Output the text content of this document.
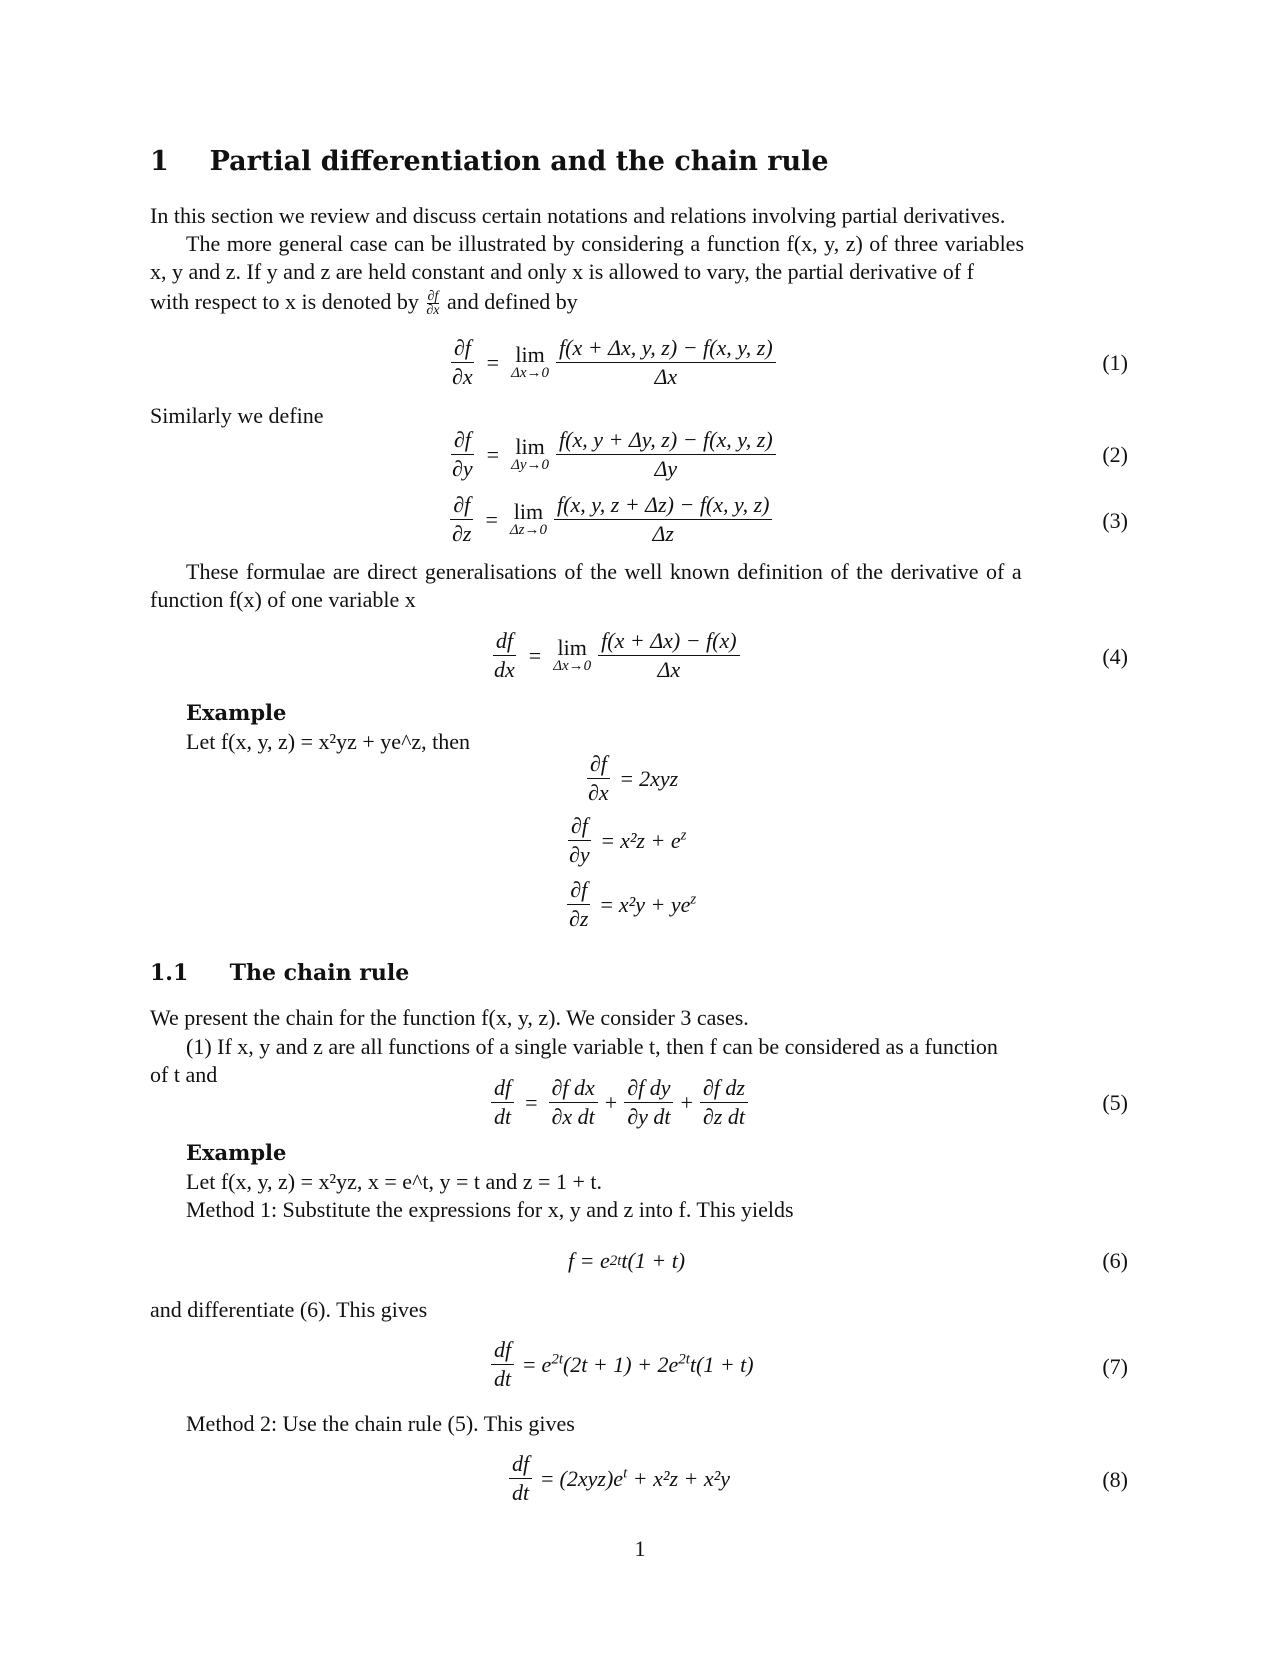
1 Partial differentiation and the chain rule
In this section we review and discuss certain notations and relations involving partial derivatives.
The more general case can be illustrated by considering a function f(x, y, z) of three variables
x, y and z. If y and z are held constant and only x is allowed to vary, the partial derivative of f
with respect to x is denoted by $\frac{\partial f}{\partial x}$ and defined by
$\frac{\partial f}{\partial x} = \lim$
$\Delta x\to 0 \frac{f(x + \Delta x, y, z) - f(x, y, z)}{\Delta x}$	(1)
Similarly we define
$\frac{\partial f}{\partial y} = \lim$
$\Delta y\to 0 \frac{f(x, y + \Delta y, z) - f(x, y, z)}{\Delta y}$	(2)
$\frac{\partial f}{\partial z} = \lim$
$\Delta z\to 0 \frac{f(x, y, z + \Delta z) - f(x, y, z)}{\Delta z}$	(3)
These formulae are direct generalisations of the well known definition of the derivative of a
function f(x) of one variable x
$\frac{df}{dx} = \lim$
$\Delta x\to 0 \frac{f(x + \Delta x) - f(x)}{\Delta x}$	(4)
Example
Let f(x, y, z) = x²yz + ye^z, then
$\frac{\partial f}{\partial x} = 2xyz$
$\frac{\partial f}{\partial y} = x^2z + e^z$
$\frac{\partial f}{\partial z} = x^2y + ye^z$
1.1 The chain rule
We present the chain for the function f(x, y, z). We consider 3 cases.
(1) If x, y and z are all functions of a single variable t, then f can be considered as a function
of t and
$\frac{df}{dt} = \frac{\text{∂f dx}}{\text{∂x dt}} + \frac{\text{∂f dy}}{\text{∂y dt}} + \frac{\text{∂f dz}}{\text{∂z dt}}$	(5)
Example
Let f(x, y, z) = x²yz, x = e^t, y = t and z = 1 + t.
Method 1: Substitute the expressions for x, y and z into f. This yields
f = e 2t t(1 + t)	(6)
and differentiate (6). This gives
$\frac{df}{dt} = e^{2t}(2t + 1) + 2e^{2t}t(1 + t)$	(7)
Method 2: Use the chain rule (5). This gives
$\frac{df}{dt} = (2xyz)e^t + x^2z + x^2y$	(8)
1
